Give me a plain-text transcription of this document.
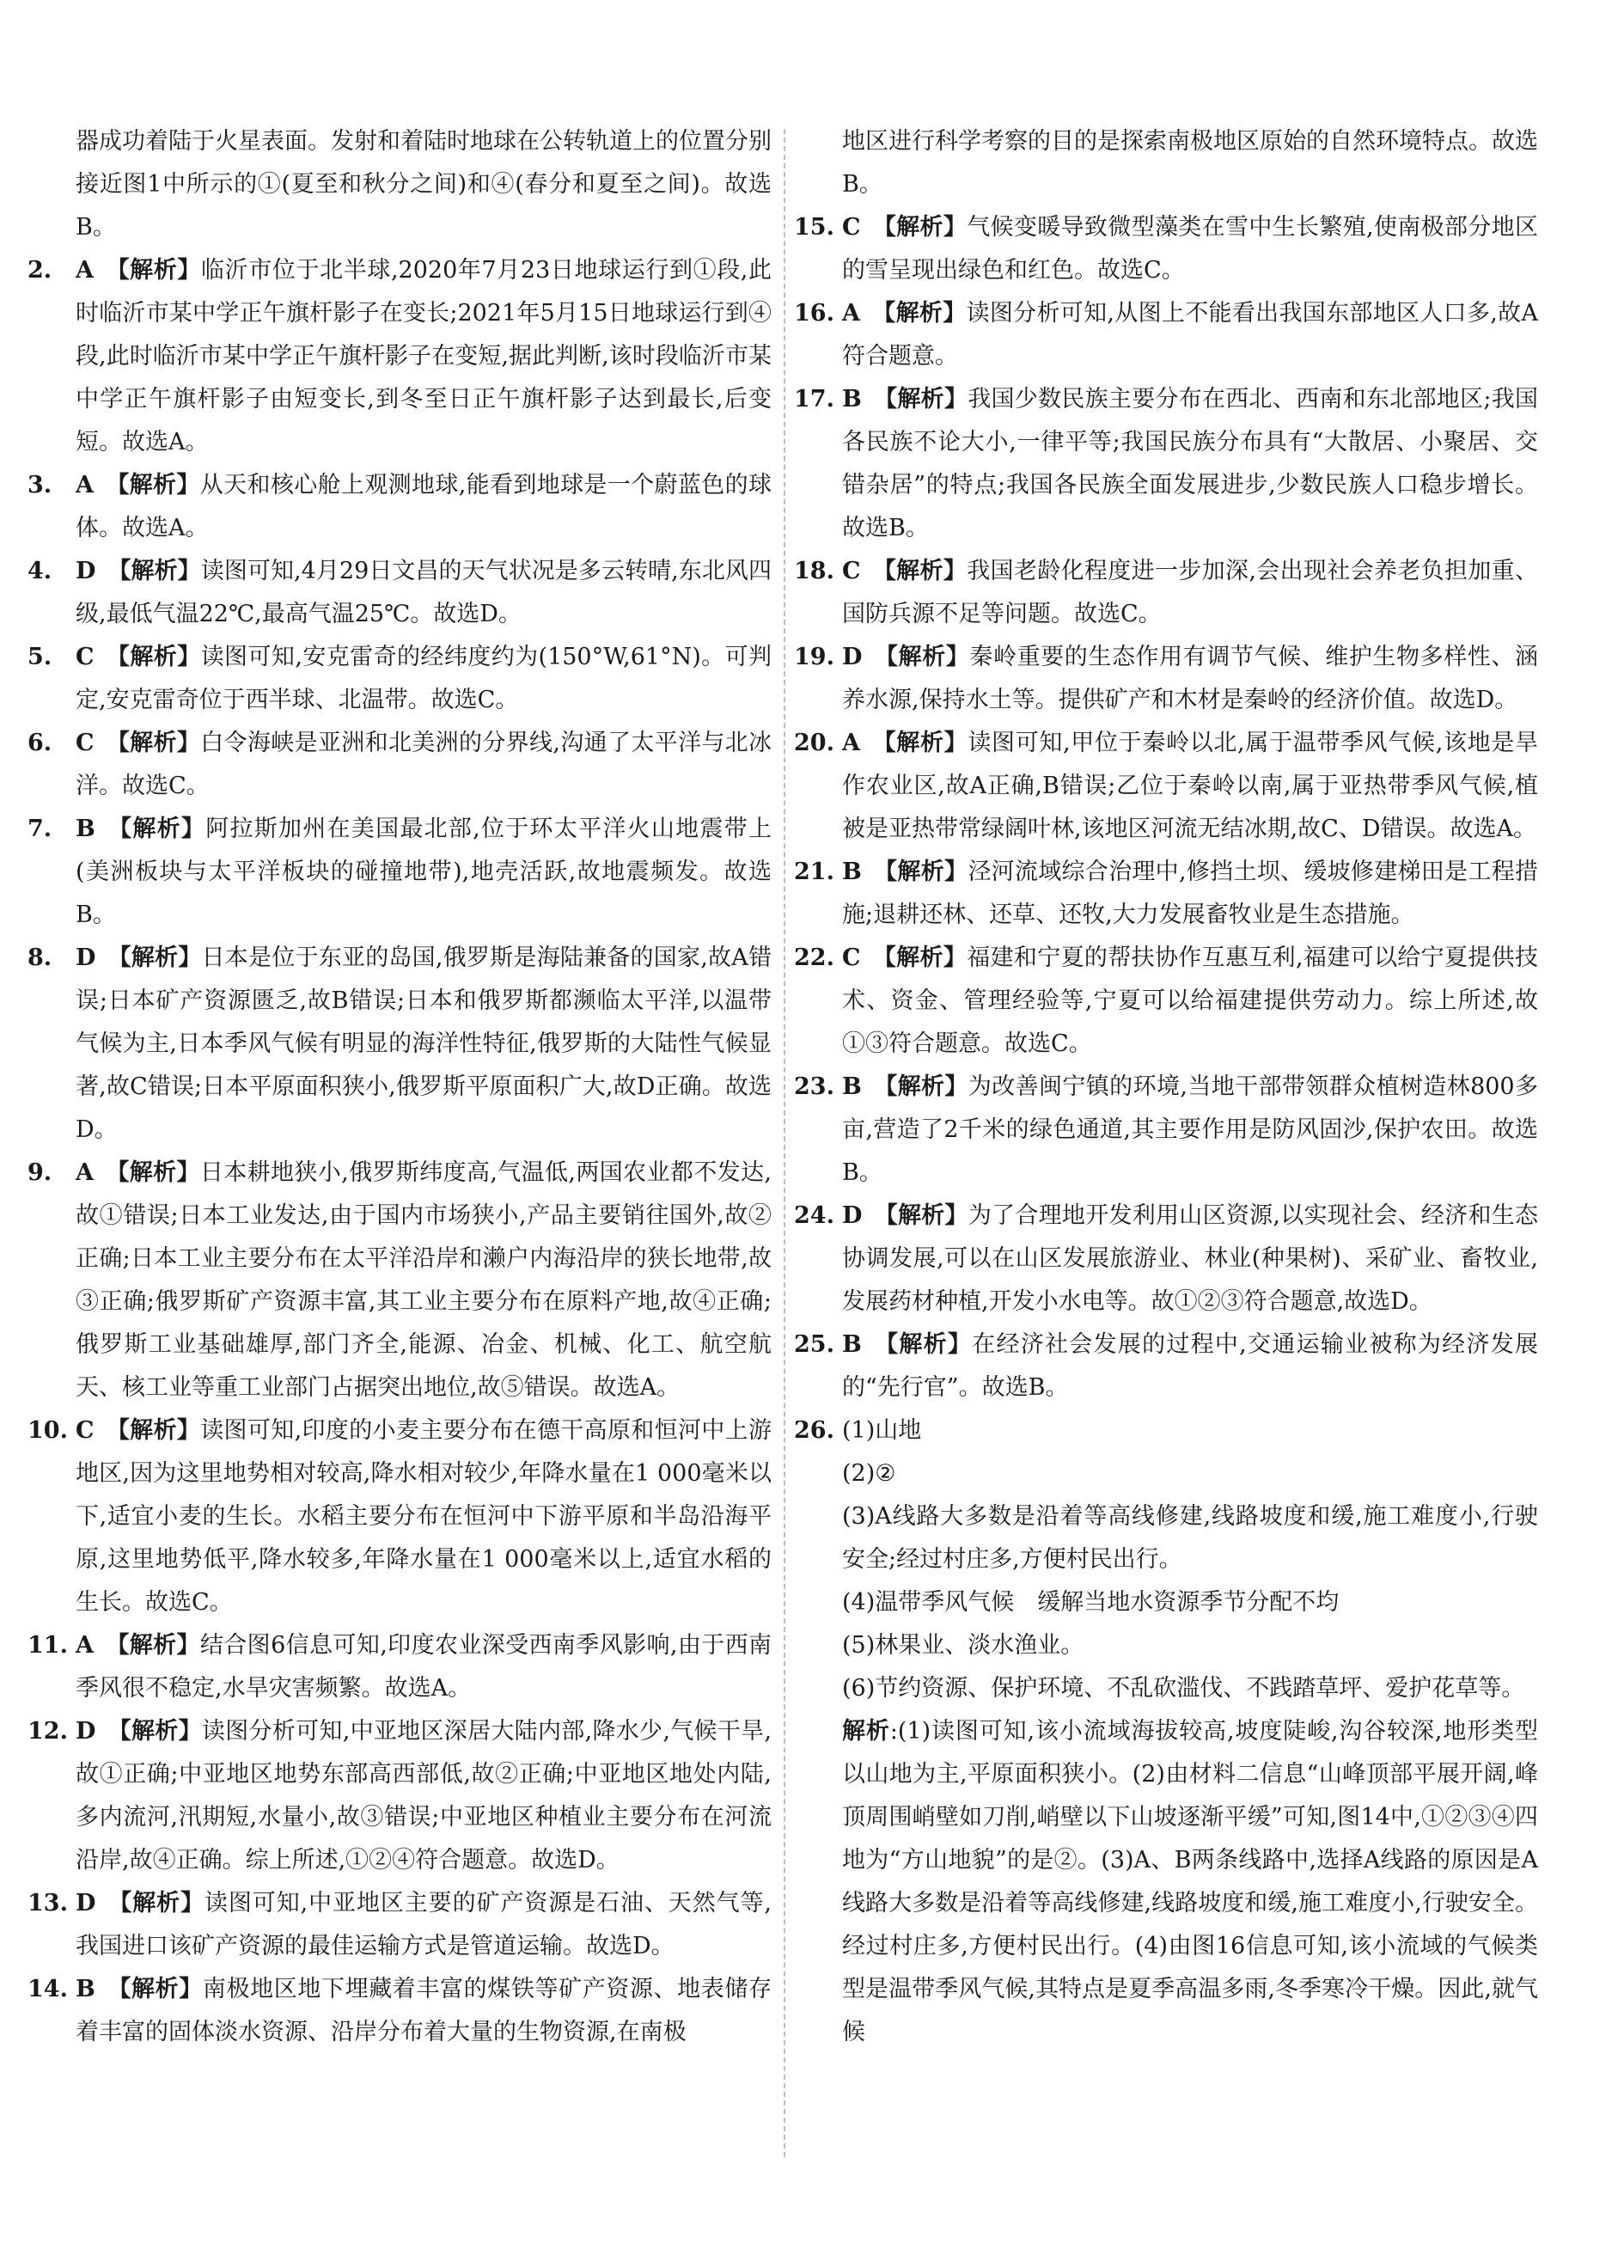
器成功着陆于火星表面。发射和着陆时地球在公转轨道上的位置分别接近图1中所示的①(夏至和秋分之间)和④(春分和夏至之间)。故选B。

2. A 【解析】临沂市位于北半球,2020年7月23日地球运行到①段,此时临沂市某中学正午旗杆影子在变长;2021年5月15日地球运行到④段,此时临沂市某中学正午旗杆影子在变短,据此判断,该时段临沂市某中学正午旗杆影子由短变长,到冬至日正午旗杆影子达到最长,后变短。故选A。

3. A 【解析】从天和核心舱上观测地球,能看到地球是一个蔚蓝色的球体。故选A。

4. D 【解析】读图可知,4月29日文昌的天气状况是多云转晴,东北风四级,最低气温22℃,最高气温25℃。故选D。

5. C 【解析】读图可知,安克雷奇的经纬度约为(150°W,61°N)。可判定,安克雷奇位于西半球、北温带。故选C。

6. C 【解析】白令海峡是亚洲和北美洲的分界线,沟通了太平洋与北冰洋。故选C。

7. B 【解析】阿拉斯加州在美国最北部,位于环太平洋火山地震带上(美洲板块与太平洋板块的碰撞地带),地壳活跃,故地震频发。故选B。

8. D 【解析】日本是位于东亚的岛国,俄罗斯是海陆兼备的国家,故A错误;日本矿产资源匮乏,故B错误;日本和俄罗斯都濒临太平洋,以温带气候为主,日本季风气候有明显的海洋性特征,俄罗斯的大陆性气候显著,故C错误;日本平原面积狭小,俄罗斯平原面积广大,故D正确。故选D。

9. A 【解析】日本耕地狭小,俄罗斯纬度高,气温低,两国农业都不发达,故①错误;日本工业发达,由于国内市场狭小,产品主要销往国外,故②正确;日本工业主要分布在太平洋沿岸和濑户内海沿岸的狭长地带,故③正确;俄罗斯矿产资源丰富,其工业主要分布在原料产地,故④正确;俄罗斯工业基础雄厚,部门齐全,能源、冶金、机械、化工、航空航天、核工业等重工业部门占据突出地位,故⑤错误。故选A。

10. C 【解析】读图可知,印度的小麦主要分布在德干高原和恒河中上游地区,因为这里地势相对较高,降水相对较少,年降水量在1 000毫米以下,适宜小麦的生长。水稻主要分布在恒河中下游平原和半岛沿海平原,这里地势低平,降水较多,年降水量在1 000毫米以上,适宜水稻的生长。故选C。

11. A 【解析】结合图6信息可知,印度农业深受西南季风影响,由于西南季风很不稳定,水旱灾害频繁。故选A。

12. D 【解析】读图分析可知,中亚地区深居大陆内部,降水少,气候干旱,故①正确;中亚地区地势东部高西部低,故②正确;中亚地区地处内陆,多内流河,汛期短,水量小,故③错误;中亚地区种植业主要分布在河流沿岸,故④正确。综上所述,①②④符合题意。故选D。

13. D 【解析】读图可知,中亚地区主要的矿产资源是石油、天然气等,我国进口该矿产资源的最佳运输方式是管道运输。故选D。

14. B 【解析】南极地区地下埋藏着丰富的煤铁等矿产资源、地表储存着丰富的固体淡水资源、沿岸分布着大量的生物资源,在南极

地区进行科学考察的目的是探索南极地区原始的自然环境特点。故选B。

15. C 【解析】气候变暖导致微型藻类在雪中生长繁殖,使南极部分地区的雪呈现出绿色和红色。故选C。

16. A 【解析】读图分析可知,从图上不能看出我国东部地区人口多,故A符合题意。

17. B 【解析】我国少数民族主要分布在西北、西南和东北部地区;我国各民族不论大小,一律平等;我国民族分布具有“大散居、小聚居、交错杂居”的特点;我国各民族全面发展进步,少数民族人口稳步增长。故选B。

18. C 【解析】我国老龄化程度进一步加深,会出现社会养老负担加重、国防兵源不足等问题。故选C。

19. D 【解析】秦岭重要的生态作用有调节气候、维护生物多样性、涵养水源,保持水土等。提供矿产和木材是秦岭的经济价值。故选D。

20. A 【解析】读图可知,甲位于秦岭以北,属于温带季风气候,该地是旱作农业区,故A正确,B错误;乙位于秦岭以南,属于亚热带季风气候,植被是亚热带常绿阔叶林,该地区河流无结冰期,故C、D错误。故选A。

21. B 【解析】泾河流域综合治理中,修挡土坝、缓坡修建梯田是工程措施;退耕还林、还草、还牧,大力发展畜牧业是生态措施。

22. C 【解析】福建和宁夏的帮扶协作互惠互利,福建可以给宁夏提供技术、资金、管理经验等,宁夏可以给福建提供劳动力。综上所述,故①③符合题意。故选C。

23. B 【解析】为改善闽宁镇的环境,当地干部带领群众植树造林800多亩,营造了2千米的绿色通道,其主要作用是防风固沙,保护农田。故选B。

24. D 【解析】为了合理地开发利用山区资源,以实现社会、经济和生态协调发展,可以在山区发展旅游业、林业(种果树)、采矿业、畜牧业,发展药材种植,开发小水电等。故①②③符合题意,故选D。

25. B 【解析】在经济社会发展的过程中,交通运输业被称为经济发展的“先行官”。故选B。

26. (1)山地

(2)②

(3)A线路大多数是沿着等高线修建,线路坡度和缓,施工难度小,行驶安全;经过村庄多,方便村民出行。

(4)温带季风气候　缓解当地水资源季节分配不均

(5)林果业、淡水渔业。

(6)节约资源、保护环境、不乱砍滥伐、不践踏草坪、爱护花草等。

解析:(1)读图可知,该小流域海拔较高,坡度陡峻,沟谷较深,地形类型以山地为主,平原面积狭小。(2)由材料二信息“山峰顶部平展开阔,峰顶周围峭壁如刀削,峭壁以下山坡逐渐平缓”可知,图14中,①②③④四地为“方山地貌”的是②。(3)A、B两条线路中,选择A线路的原因是A线路大多数是沿着等高线修建,线路坡度和缓,施工难度小,行驶安全。经过村庄多,方便村民出行。(4)由图16信息可知,该小流域的气候类型是温带季风气候,其特点是夏季高温多雨,冬季寒冷干燥。因此,就气候
